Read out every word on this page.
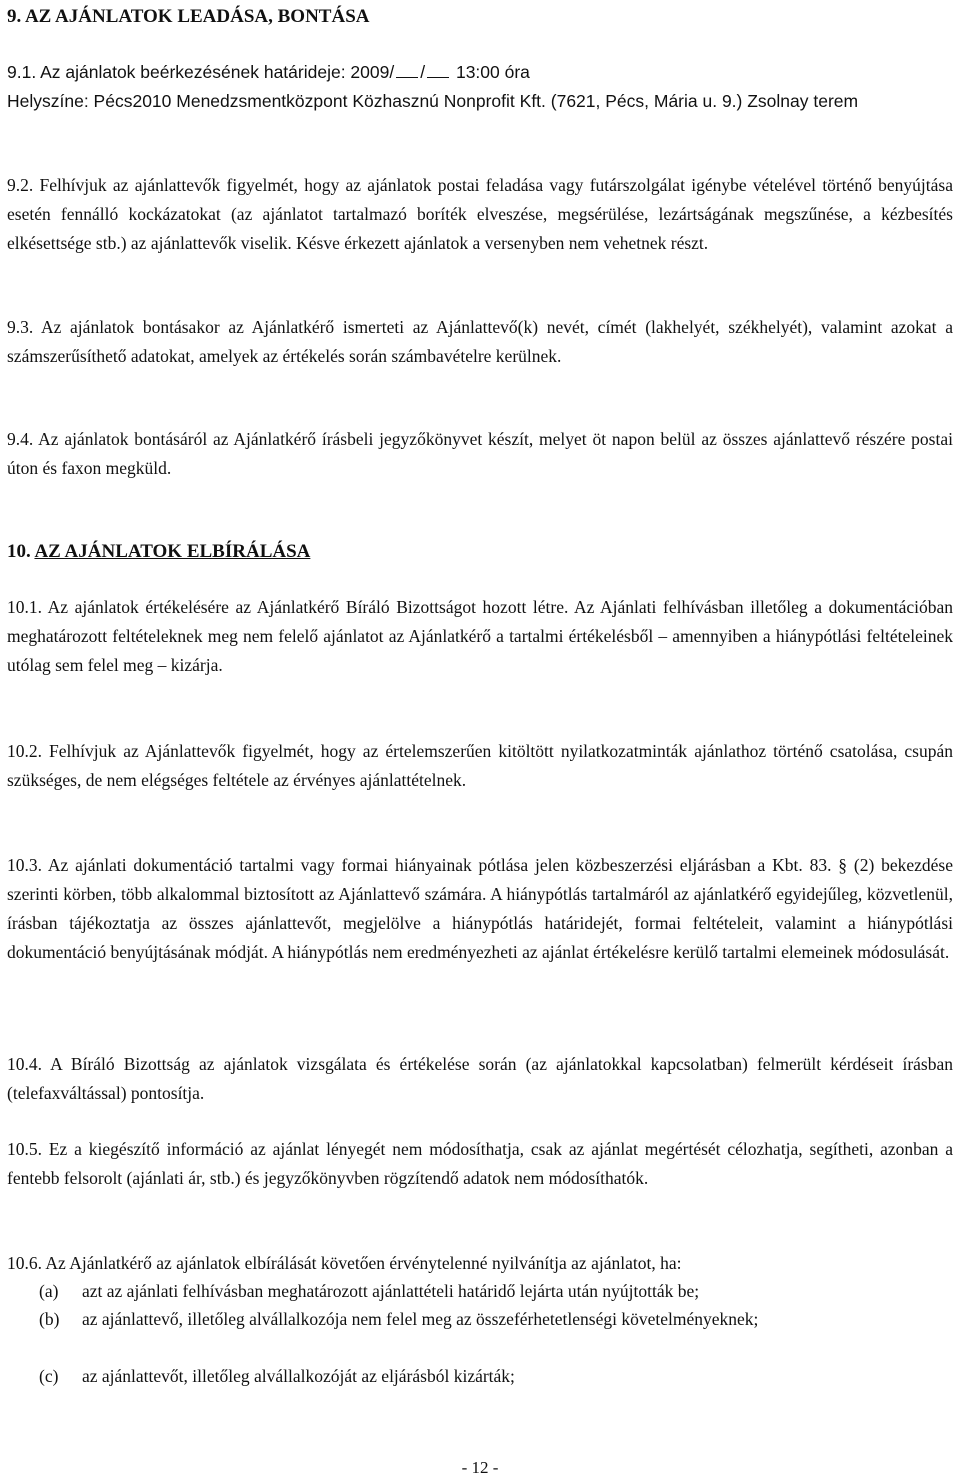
9. AZ AJÁNLATOK LEADÁSA, BONTÁSA
9.1. Az ajánlatok beérkezésének határideje: 2009/ / 13:00 óra
Helyszíne: Pécs2010 Menedzsmentközpont Közhasznú Nonprofit Kft. (7621, Pécs, Mária u. 9.) Zsolnay terem
9.2. Felhívjuk az ajánlattevők figyelmét, hogy az ajánlatok postai feladása vagy futárszolgálat igénybe vételével történő benyújtása esetén fennálló kockázatokat (az ajánlatot tartalmazó boríték elveszése, megsérülése, lezártságának megszűnése, a kézbesítés elkésettsége stb.) az ajánlattevők viselik. Késve érkezett ajánlatok a versenyben nem vehetnek részt.
9.3. Az ajánlatok bontásakor az Ajánlatkérő ismerteti az Ajánlattevő(k) nevét, címét (lakhelyét, székhelyét), valamint azokat a számszerűsíthető adatokat, amelyek az értékelés során számbavételre kerülnek.
9.4. Az ajánlatok bontásáról az Ajánlatkérő írásbeli jegyzőkönyvet készít, melyet öt napon belül az összes ajánlattevő részére postai úton és faxon megküld.
10. AZ AJÁNLATOK ELBÍRÁLÁSA
10.1. Az ajánlatok értékelésére az Ajánlatkérő Bíráló Bizottságot hozott létre. Az Ajánlati felhívásban illetőleg a dokumentációban meghatározott feltételeknek meg nem felelő ajánlatot az Ajánlatkérő a tartalmi értékelésből – amennyiben a hiánypótlási feltételeinek utólag sem felel meg – kizárja.
10.2. Felhívjuk az Ajánlattevők figyelmét, hogy az értelemszerűen kitöltött nyilatkozatminták ajánlathoz történő csatolása, csupán szükséges, de nem elégséges feltétele az érvényes ajánlattételnek.
10.3. Az ajánlati dokumentáció tartalmi vagy formai hiányainak pótlása jelen közbeszerzési eljárásban a Kbt. 83. § (2) bekezdése szerinti körben, több alkalommal biztosított az Ajánlattevő számára. A hiánypótlás tartalmáról az ajánlatkérő egyidejűleg, közvetlenül, írásban tájékoztatja az összes ajánlattevőt, megjelölve a hiánypótlás határidejét, formai feltételeit, valamint a hiánypótlási dokumentáció benyújtásának módját. A hiánypótlás nem eredményezheti az ajánlat értékelésre kerülő tartalmi elemeinek módosulását.
10.4. A Bíráló Bizottság az ajánlatok vizsgálata és értékelése során (az ajánlatokkal kapcsolatban) felmerült kérdéseit írásban (telefaxváltással) pontosítja.
10.5. Ez a kiegészítő információ az ajánlat lényegét nem módosíthatja, csak az ajánlat megértését célozhatja, segítheti, azonban a fentebb felsorolt (ajánlati ár, stb.) és jegyzőkönyvben rögzítendő adatok nem módosíthatók.
10.6. Az Ajánlatkérő az ajánlatok elbírálását követően érvénytelenné nyilvánítja az ajánlatot, ha:
(a) azt az ajánlati felhívásban meghatározott ajánlattételi határidő lejárta után nyújtották be;
(b) az ajánlattevő, illetőleg alvállalkozója nem felel meg az összeférhetetlenségi követelményeknek;
(c) az ajánlattevőt, illetőleg alvállalkozóját az eljárásból kizárták;
- 12 -
